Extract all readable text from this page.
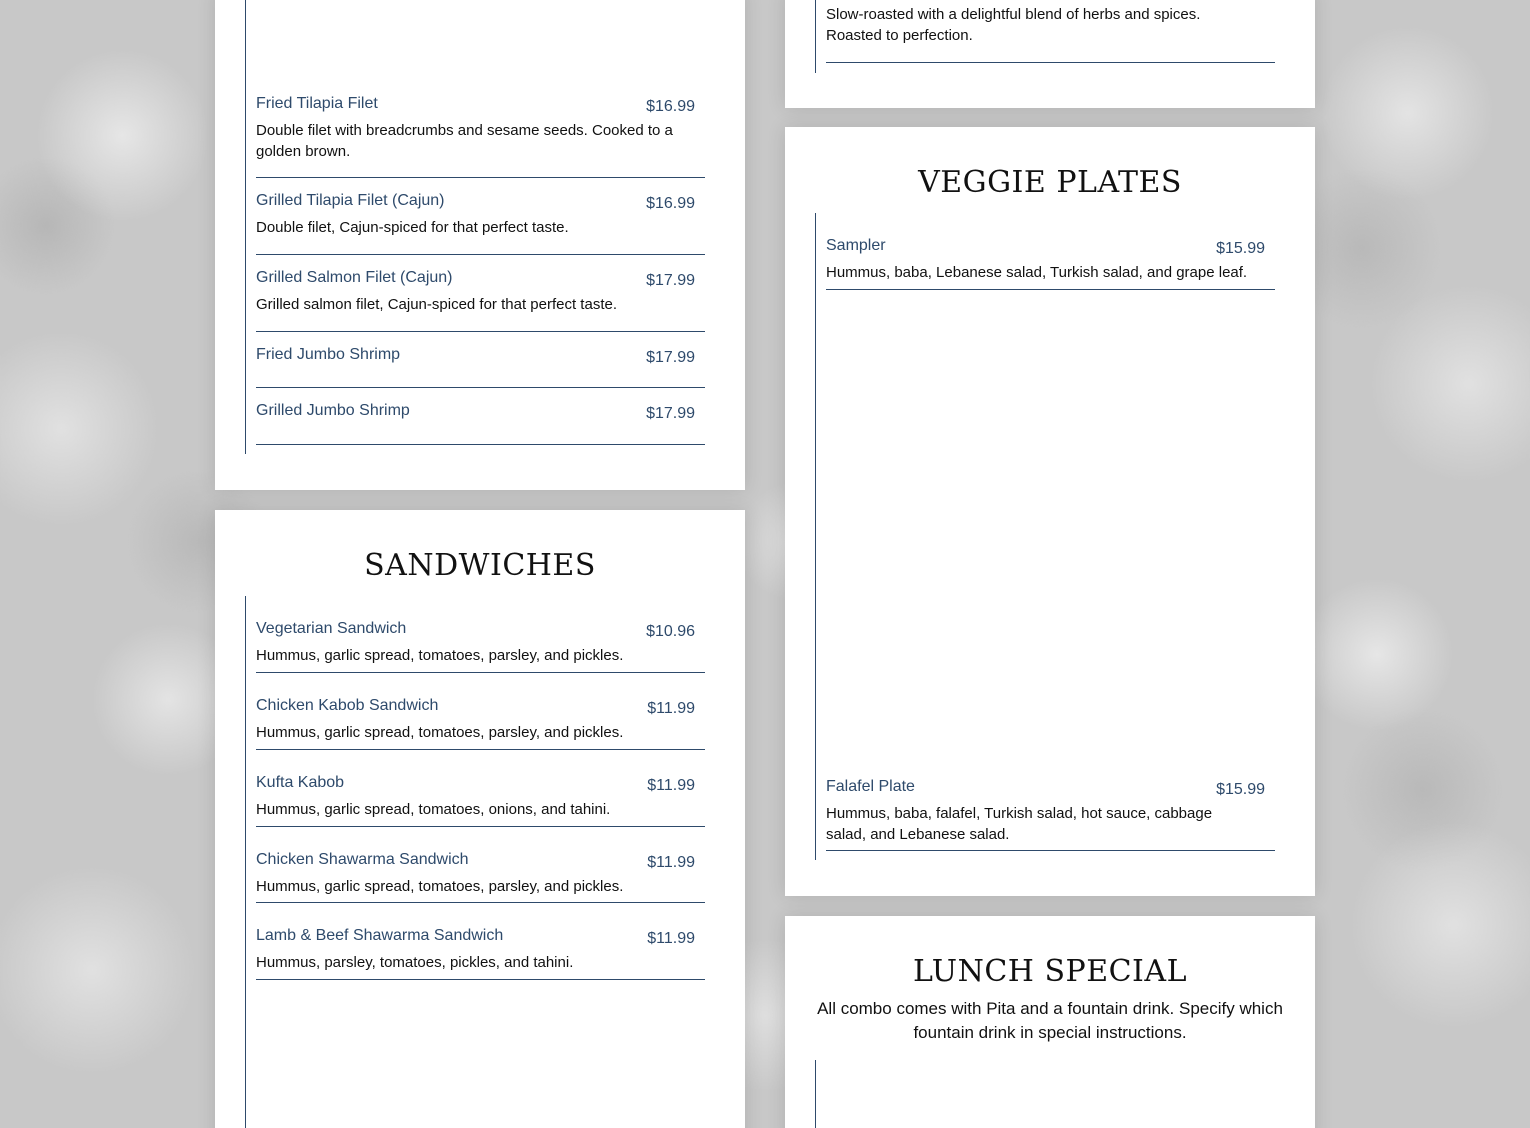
Fried Tilapia Filet	$16.99
Double filet with breadcrumbs and sesame seeds. Cooked to a golden brown.
Grilled Tilapia Filet (Cajun)	$16.99
Double filet, Cajun-spiced for that perfect taste.
Grilled Salmon Filet (Cajun)	$17.99
Grilled salmon filet, Cajun-spiced for that perfect taste.
Fried Jumbo Shrimp	$17.99
Grilled Jumbo Shrimp	$17.99
Slow-roasted with a delightful blend of herbs and spices. Roasted to perfection.
SANDWICHES
Vegetarian Sandwich	$10.96
Hummus, garlic spread, tomatoes, parsley, and pickles.
Chicken Kabob Sandwich	$11.99
Hummus, garlic spread, tomatoes, parsley, and pickles.
Kufta Kabob	$11.99
Hummus, garlic spread, tomatoes, onions, and tahini.
Chicken Shawarma Sandwich	$11.99
Hummus, garlic spread, tomatoes, parsley, and pickles.
Lamb & Beef Shawarma Sandwich	$11.99
Hummus, parsley, tomatoes, pickles, and tahini.
VEGGIE PLATES
Sampler	$15.99
Hummus, baba, Lebanese salad, Turkish salad, and grape leaf.
Falafel Plate	$15.99
Hummus, baba, falafel, Turkish salad, hot sauce, cabbage salad, and Lebanese salad.
LUNCH SPECIAL
All combo comes with Pita and a fountain drink. Specify which fountain drink in special instructions.
